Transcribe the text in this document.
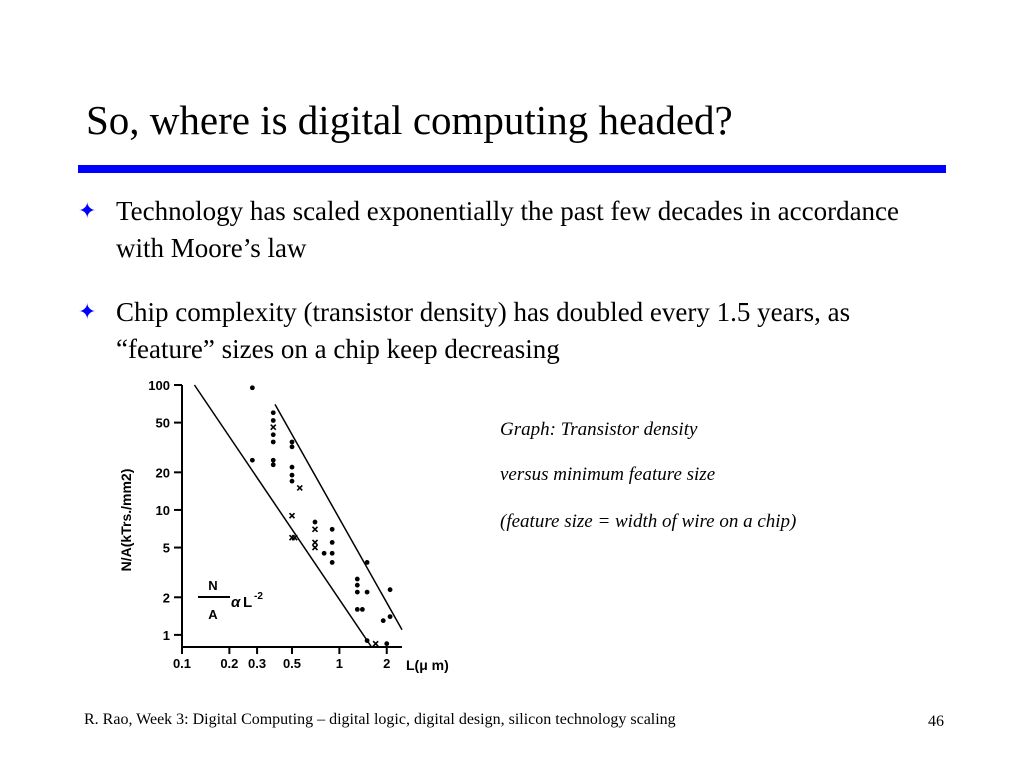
So, where is digital computing headed?
✦ Technology has scaled exponentially the past few decades in accordance with Moore’s law
✦ Chip complexity (transistor density) has doubled every 1.5 years, as “feature” sizes on a chip keep decreasing
100
50
20
10
5
2
1
0.1 0.2 0.3 0.5	1	2
N/A(kTrs./mm2)
L(μ m)
N
A
α L -2
Graph: Transistor density
versus minimum feature size
(feature size = width of wire on a chip)
R. Rao, Week 3: Digital Computing – digital logic, digital design, silicon technology scaling	46
